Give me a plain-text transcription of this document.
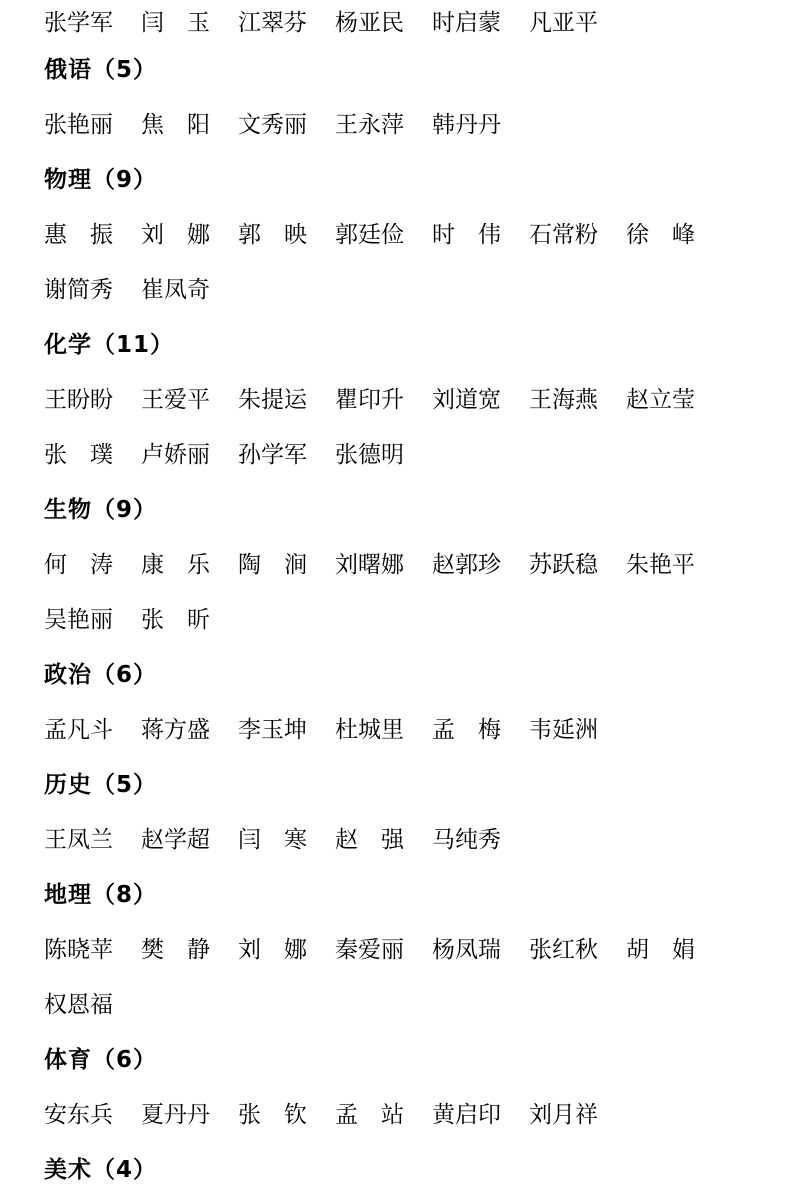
张学军 闫　玉 江翠芬 杨亚民 时启蒙 凡亚平
俄语（5）
张艳丽 焦　阳 文秀丽 王永萍 韩丹丹
物理（9）
惠　振 刘　娜 郭　映 郭廷俭 时　伟 石常粉 徐　峰
谢简秀 崔凤奇
化学（11）
王盼盼 王爱平 朱提运 瞿印升 刘道宽 王海燕 赵立莹
张　璞 卢娇丽 孙学军 张德明
生物（9）
何　涛 康　乐 陶　涧 刘曙娜 赵郭珍 苏跃稳 朱艳平
吴艳丽 张　昕
政治（6）
孟凡斗 蒋方盛 李玉坤 杜城里 孟　梅 韦延洲
历史（5）
王凤兰 赵学超 闫　寒 赵　强 马纯秀
地理（8）
陈晓苹 樊　静 刘　娜 秦爱丽 杨凤瑞 张红秋 胡　娟
权恩福
体育（6）
安东兵 夏丹丹 张　钦 孟　站 黄启印 刘月祥
美术（4）
